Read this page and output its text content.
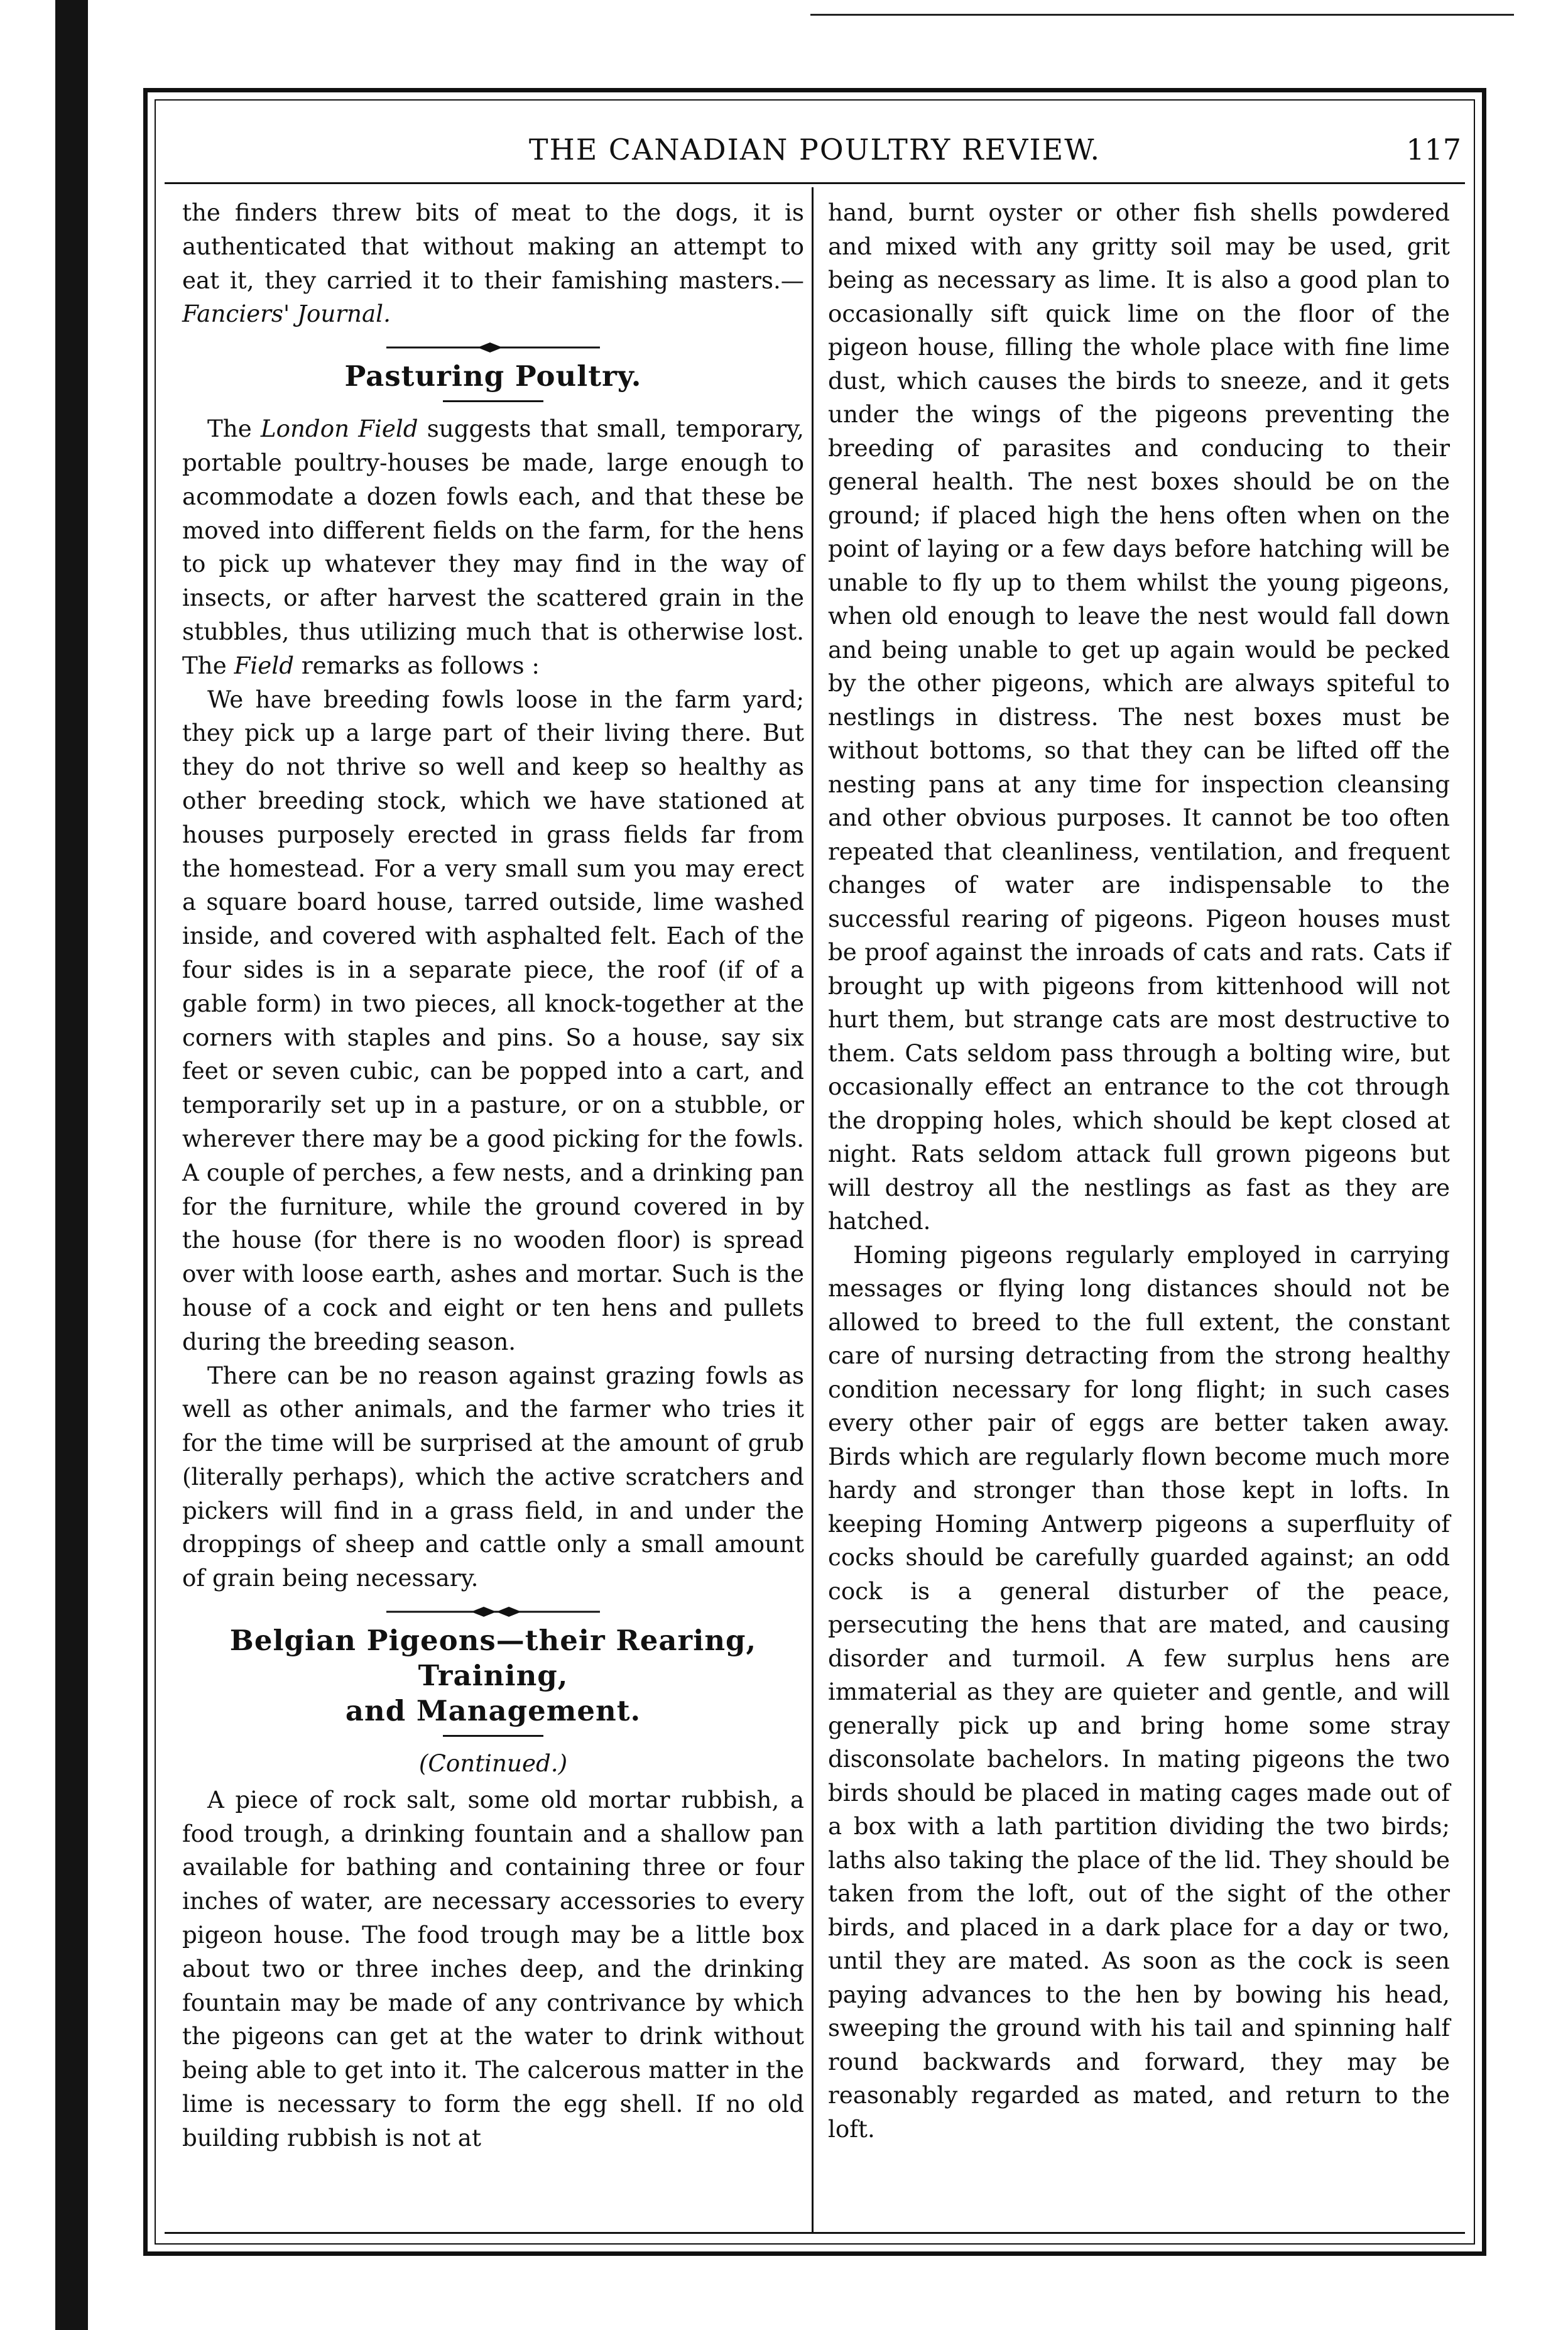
THE CANADIAN POULTRY REVIEW.	117

the finders threw bits of meat to the dogs, it is authenticated that without making an attempt to eat it, they carried it to their famishing masters.— Fanciers' Journal.

Pasturing Poultry.

The London Field suggests that small, temporary, portable poultry-houses be made, large enough to acommodate a dozen fowls each, and that these be moved into different fields on the farm, for the hens to pick up whatever they may find in the way of insects, or after harvest the scattered grain in the stubbles, thus utilizing much that is otherwise lost. The Field remarks as follows :

We have breeding fowls loose in the farm yard; they pick up a large part of their living there. But they do not thrive so well and keep so healthy as other breeding stock, which we have stationed at houses purposely erected in grass fields far from the homestead. For a very small sum you may erect a square board house, tarred outside, lime washed inside, and covered with asphalted felt. Each of the four sides is in a separate piece, the roof (if of a gable form) in two pieces, all knock-together at the corners with staples and pins. So a house, say six feet or seven cubic, can be popped into a cart, and temporarily set up in a pasture, or on a stubble, or wherever there may be a good picking for the fowls. A couple of perches, a few nests, and a drinking pan for the furniture, while the ground covered in by the house (for there is no wooden floor) is spread over with loose earth, ashes and mortar. Such is the house of a cock and eight or ten hens and pullets during the breeding season.

There can be no reason against grazing fowls as well as other animals, and the farmer who tries it for the time will be surprised at the amount of grub (literally perhaps), which the active scratchers and pickers will find in a grass field, in and under the droppings of sheep and cattle only a small amount of grain being necessary.

Belgian Pigeons—their Rearing, Training,
and Management.
(Continued.)

A piece of rock salt, some old mortar rubbish, a food trough, a drinking fountain and a shallow pan available for bathing and containing three or four inches of water, are necessary accessories to every pigeon house. The food trough may be a little box about two or three inches deep, and the drinking fountain may be made of any contrivance by which the pigeons can get at the water to drink without being able to get into it. The calcerous matter in the lime is necessary to form the egg shell. If no old building rubbish is not at

hand, burnt oyster or other fish shells powdered and mixed with any gritty soil may be used, grit being as necessary as lime. It is also a good plan to occasionally sift quick lime on the floor of the pigeon house, filling the whole place with fine lime dust, which causes the birds to sneeze, and it gets under the wings of the pigeons preventing the breeding of parasites and conducing to their general health. The nest boxes should be on the ground; if placed high the hens often when on the point of laying or a few days before hatching will be unable to fly up to them whilst the young pigeons, when old enough to leave the nest would fall down and being unable to get up again would be pecked by the other pigeons, which are always spiteful to nestlings in distress. The nest boxes must be without bottoms, so that they can be lifted off the nesting pans at any time for inspection cleansing and other obvious purposes. It cannot be too often repeated that cleanliness, ventilation, and frequent changes of water are indispensable to the successful rearing of pigeons. Pigeon houses must be proof against the inroads of cats and rats. Cats if brought up with pigeons from kittenhood will not hurt them, but strange cats are most destructive to them. Cats seldom pass through a bolting wire, but occasionally effect an entrance to the cot through the dropping holes, which should be kept closed at night. Rats seldom attack full grown pigeons but will destroy all the nestlings as fast as they are hatched.

Homing pigeons regularly employed in carrying messages or flying long distances should not be allowed to breed to the full extent, the constant care of nursing detracting from the strong healthy condition necessary for long flight; in such cases every other pair of eggs are better taken away. Birds which are regularly flown become much more hardy and stronger than those kept in lofts. In keeping Homing Antwerp pigeons a superfluity of cocks should be carefully guarded against; an odd cock is a general disturber of the peace, persecuting the hens that are mated, and causing disorder and turmoil. A few surplus hens are immaterial as they are quieter and gentle, and will generally pick up and bring home some stray disconsolate bachelors. In mating pigeons the two birds should be placed in mating cages made out of a box with a lath partition dividing the two birds; laths also taking the place of the lid. They should be taken from the loft, out of the sight of the other birds, and placed in a dark place for a day or two, until they are mated. As soon as the cock is seen paying advances to the hen by bowing his head, sweeping the ground with his tail and spinning half round backwards and forward, they may be reasonably regarded as mated, and return to the loft.
